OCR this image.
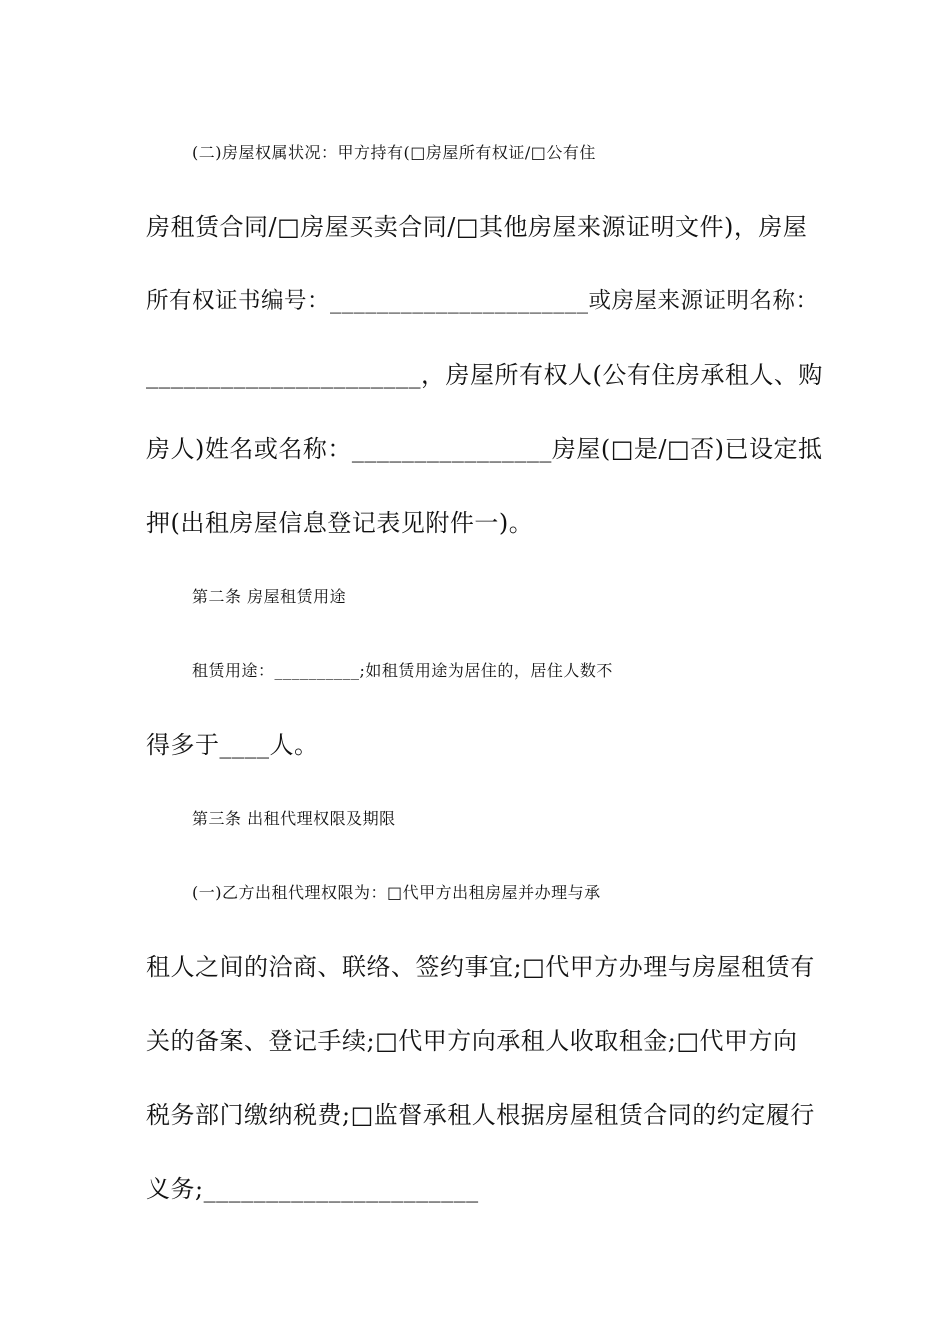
(二)房屋权属状况：甲方持有(□房屋所有权证/□公有住
房租赁合同/□房屋买卖合同/□其他房屋来源证明文件)，房屋
所有权证书编号：______________________或房屋来源证明名称：
______________________，房屋所有权人(公有住房承租人、购
房人)姓名或名称：________________房屋(□是/□否)已设定抵
押(出租房屋信息登记表见附件一)。
第二条 房屋租赁用途
租赁用途：__________;如租赁用途为居住的，居住人数不
得多于____人。
第三条 出租代理权限及期限
(一)乙方出租代理权限为：□代甲方出租房屋并办理与承
租人之间的洽商、联络、签约事宜;□代甲方办理与房屋租赁有
关的备案、登记手续;□代甲方向承租人收取租金;□代甲方向
税务部门缴纳税费;□监督承租人根据房屋租赁合同的约定履行
义务;______________________
